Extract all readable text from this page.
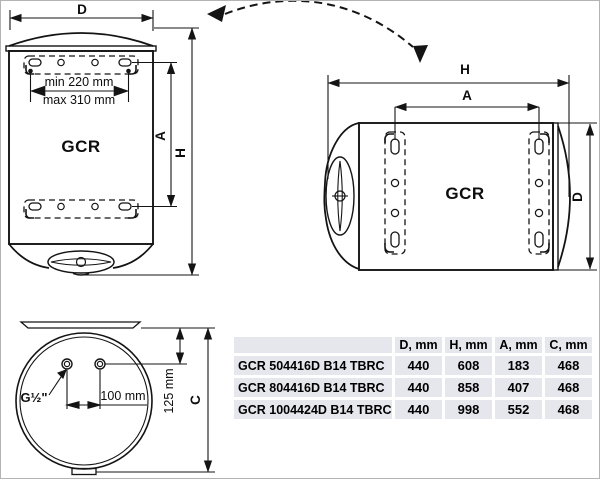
D
min 220 mm
max 310 mm
GCR
A
H
H
A
GCR	D
G½"	100 mm 125 mm C
D, mm H, mm A, mm C, mm
GCR 504416D B14 TBRC	440	608	183	468
GCR 804416D B14 TBRC	440	858	407	468
GCR 1004424D B14 TBRC	440	998	552	468
